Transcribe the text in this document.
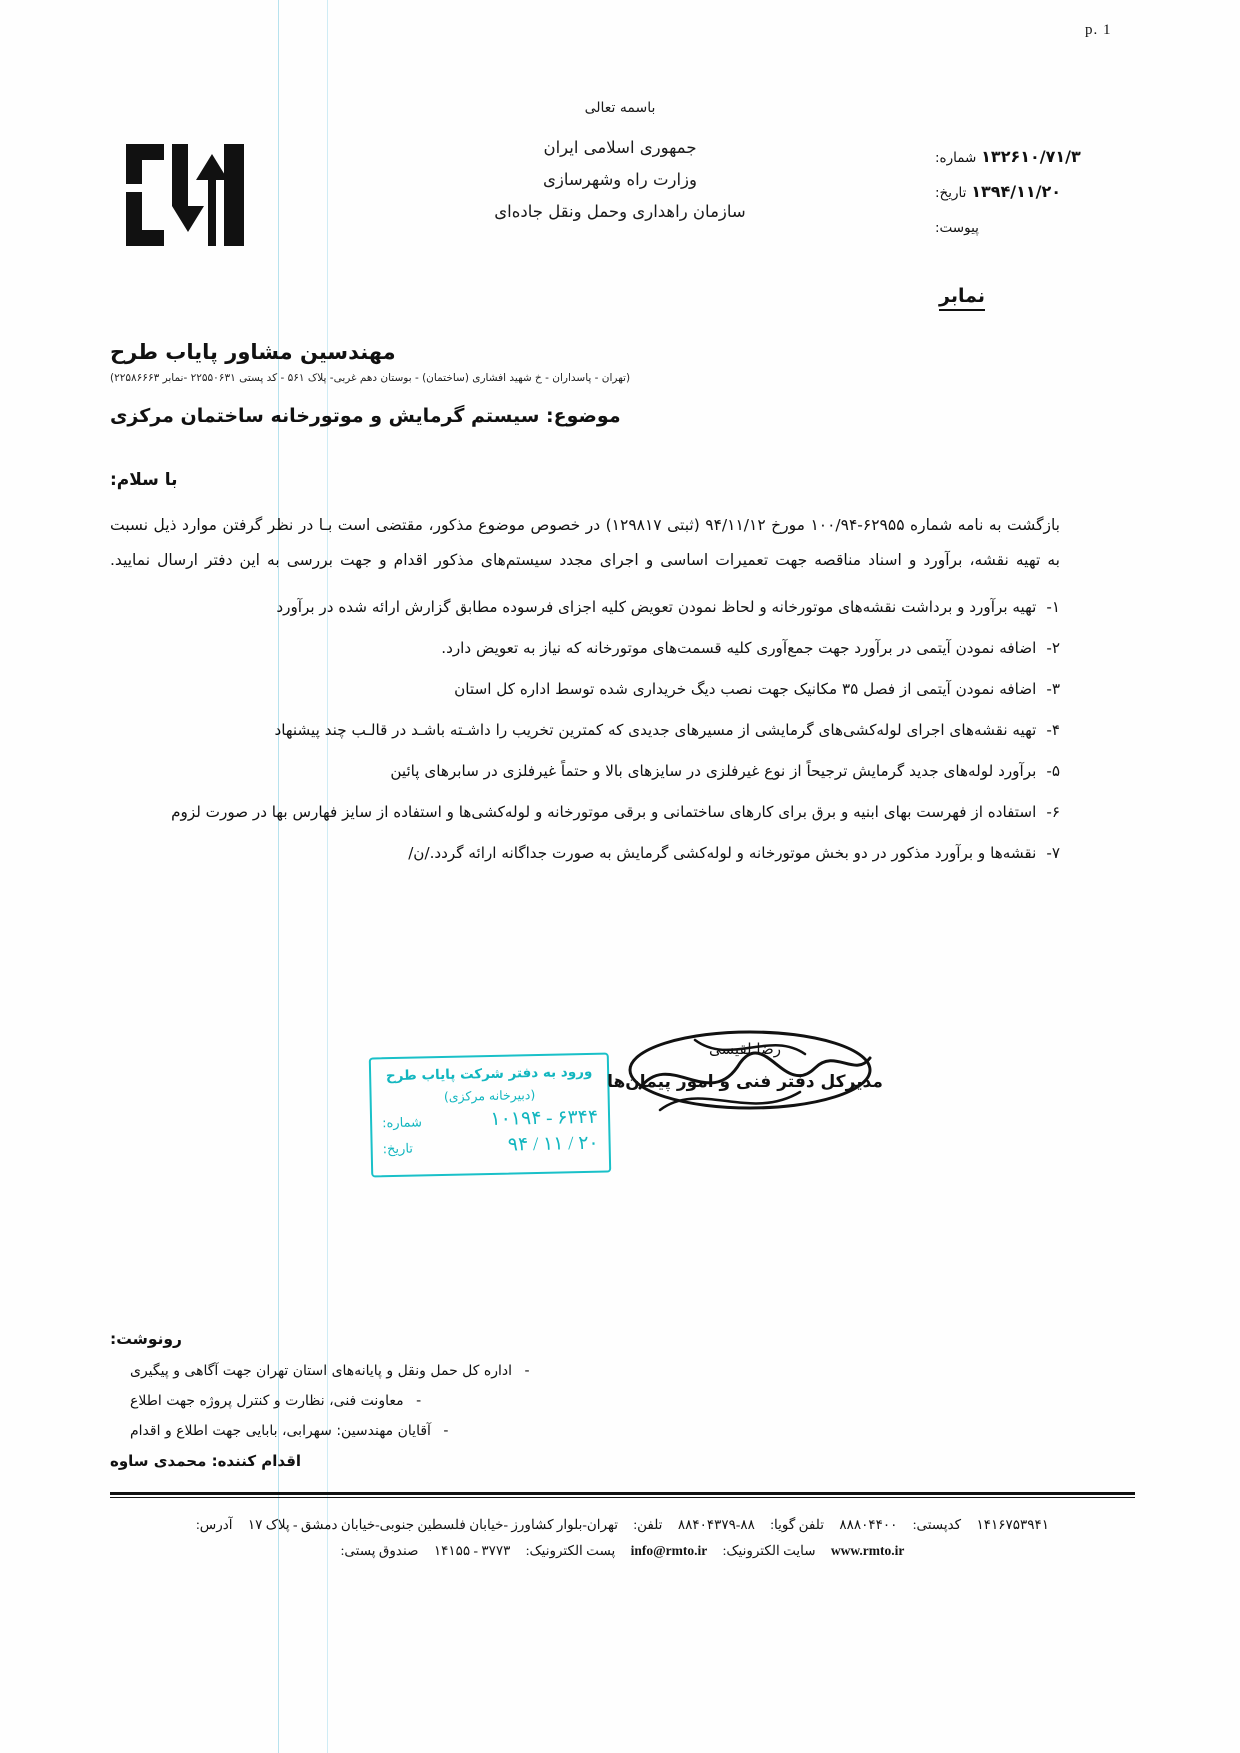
p. 1
باسمه تعالی
جمهوری اسلامی ایران
وزارت راه وشهرسازی
سازمان راهداری وحمل ونقل جاده‌ای
۱۳۲۶۱۰/۷۱/۳ شماره:
۱۳۹۴/۱۱/۲۰ تاریخ:
پیوست:
نمابر
مهندسین مشاور پایاب طرح
(تهران - پاسداران - خ شهید افشاری (ساختمان) - بوستان دهم غربی- پلاک ۵۶۱ - کد پستی ۲۲۵۵۰۶۳۱ -نمابر ۲۲۵۸۶۶۶۳)
موضوع: سیستم گرمایش و موتورخانه ساختمان مرکزی
با سلام:
بازگشت به نامه شماره ۶۲۹۵۵-۱۰۰/۹۴ مورخ ۹۴/۱۱/۱۲ (ثبتی ۱۲۹۸۱۷) در خصوص موضوع مذکور، مقتضی است بـا در نظر گرفتن موارد ذیل نسبت به تهیه نقشه، برآورد و اسناد مناقصه جهت تعمیرات اساسی و اجرای مجدد سیستم‌های مذکور اقدام و جهت بررسی به این دفتر ارسال نمایید.
۱-
تهیه برآورد و برداشت نقشه‌های موتورخانه و لحاظ نمودن تعویض کلیه اجزای فرسوده مطابق گزارش ارائه شده در برآورد
۲-
اضافه نمودن آیتمی در برآورد جهت جمع‌آوری کلیه قسمت‌های موتورخانه که نیاز به تعویض دارد.
۳-
اضافه نمودن آیتمی از فصل ۳۵ مکانیک جهت نصب دیگ خریداری شده توسط اداره کل استان
۴-
تهیه نقشه‌های اجرای لوله‌کشی‌های گرمایشی از مسیرهای جدیدی که کمترین تخریب را داشـته باشـد در قالـب چند پیشنهاد
۵-
برآورد لوله‌های جدید گرمایش ترجیحاً از نوع غیرفلزی در سایزهای بالا و حتماً غیرفلزی در سابرهای پائین
۶-
استفاده از فهرست بهای ابنیه و برق برای کارهای ساختمانی و برقی موتورخانه و لوله‌کشی‌ها و استفاده از سایز فهارس بها در صورت لزوم
۷-
نقشه‌ها و برآورد مذکور در دو بخش موتورخانه و لوله‌کشی گرمایش به صورت جداگانه ارائه گردد./ن/
رضا لقیسی
مدیرکل دفتر فنی و امور پیمان‌ها
ورود به دفتر شرکت پایاب طرح
(دبیرخانه مرکزی)
۶۳۴۴ - ۱۰۱۹۴
شماره:
۲۰ / ۱۱ / ۹۴
تاریخ:
رونوشت:
- اداره کل حمل ونقل و پایانه‌های استان تهران جهت آگاهی و پیگیری
- معاونت فنی، نظارت و کنترل پروژه جهت اطلاع
- آقایان مهندسین: سهرابی، بابایی جهت اطلاع و اقدام
اقدام کننده: محمدی ساوه
۱۴۱۶۷۵۳۹۴۱ کدپستی: ۸۸۸۰۴۴۰۰ تلفن گویا: ۸۸-۸۸۴۰۴۳۷۹ تلفن: تهران-بلوار کشاورز -خیابان فلسطین جنوبی-خیابان دمشق - پلاک ۱۷ آدرس:
www.rmto.ir سایت الکترونیک: info@rmto.ir پست الکترونیک: ۳۷۷۳ - ۱۴۱۵۵ صندوق پستی:
